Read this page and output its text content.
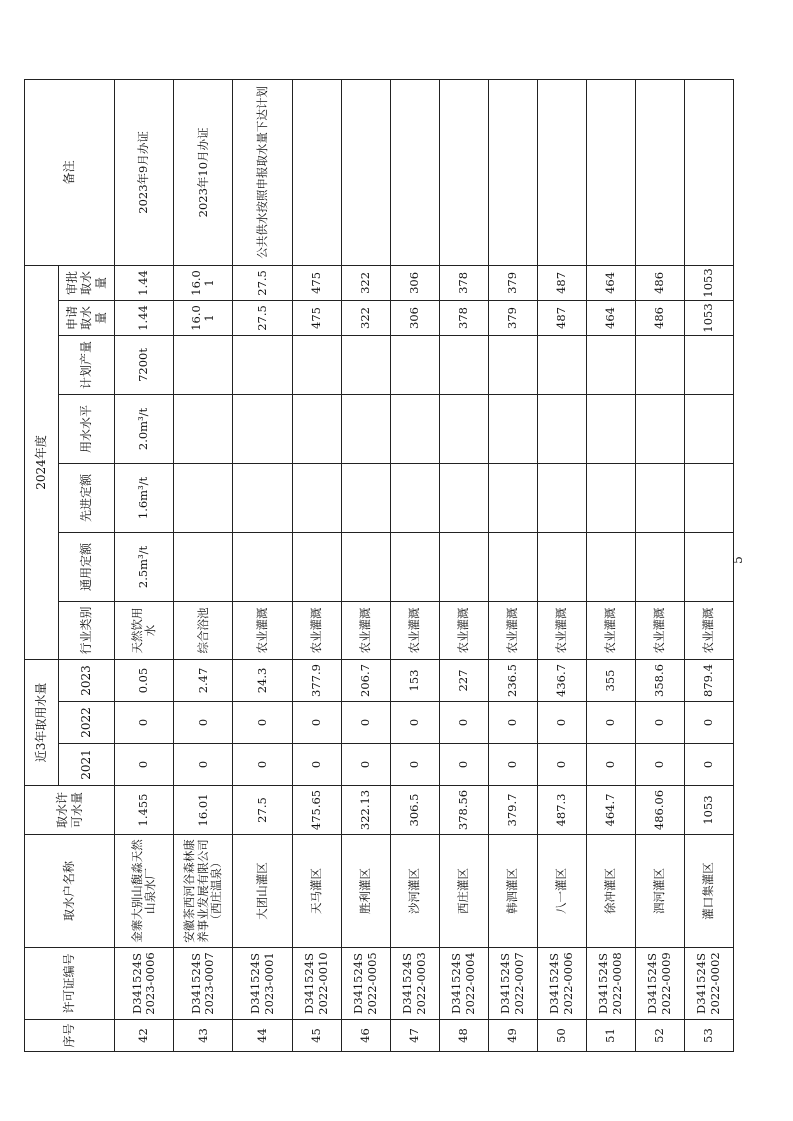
序号	许可证编号	取水户名称	取水许可水量	近3年取用水量			2024年度							备注
				2021	2022	2023	行业类别	通用定额	先进定额	用水水平	计划产量	申请取水量	审批取水量	
42	D341524S 2023-0006	金寨大别山馥淼天然山泉水厂	1.455	0	0	0.05	天然饮用水	2.5m³/t	1.6m³/t	2.0m³/t	7200t	1.44	1.44	2023年9月办证
43	D341524S 2023-0007	安徽茶西河谷森林康养事业发展有限公司（西庄温泉）	16.01	0	0	2.47	综合浴池					16.01	16.01	2023年10月办证
44	D341524S 2023-0001	大团山灌区	27.5	0	0	24.3	农业灌溉					27.5	27.5	公共供水按照申报取水量下达计划
45	D341524S 2022-0010	天马灌区	475.65	0	0	377.9	农业灌溉					475	475	
46	D341524S 2022-0005	胜利灌区	322.13	0	0	206.7	农业灌溉					322	322	
47	D341524S 2022-0003	沙河灌区	306.5	0	0	153	农业灌溉					306	306	
48	D341524S 2022-0004	西庄灌区	378.56	0	0	227	农业灌溉					378	378	
49	D341524S 2022-0007	韩泗灌区	379.7	0	0	236.5	农业灌溉					379	379	
50	D341524S 2022-0006	八一灌区	487.3	0	0	436.7	农业灌溉					487	487	
51	D341524S 2022-0008	徐冲灌区	464.7	0	0	355	农业灌溉					464	464	
52	D341524S 2022-0009	泗河灌区	486.06	0	0	358.6	农业灌溉					486	486	
53	D341524S 2022-0002	灌口集灌区	1053	0	0	879.4	农业灌溉					1053	1053	
5
